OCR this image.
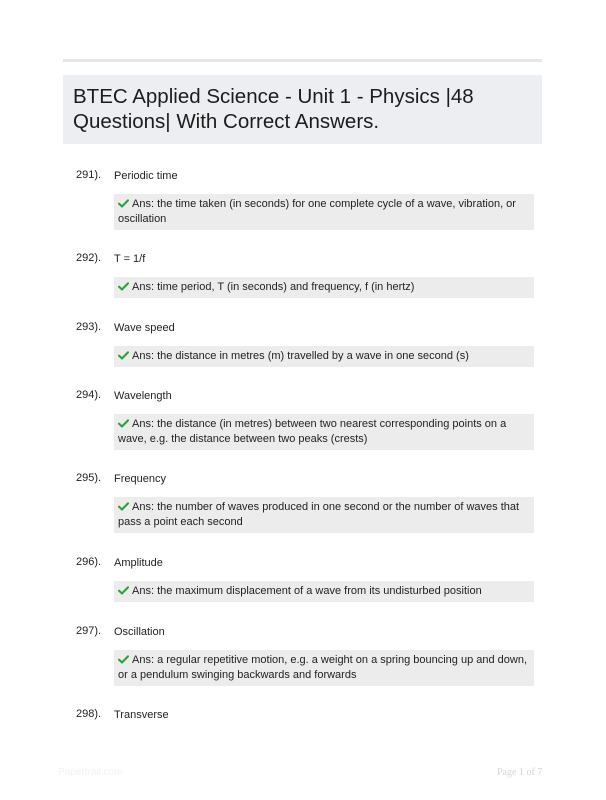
BTEC Applied Science - Unit 1 - Physics |48 Questions| With Correct Answers.
291). Periodic time
Ans: the time taken (in seconds) for one complete cycle of a wave, vibration, or oscillation
292). T = 1/f
Ans: time period, T (in seconds) and frequency, f (in hertz)
293). Wave speed
Ans: the distance in metres (m) travelled by a wave in one second (s)
294). Wavelength
Ans: the distance (in metres) between two nearest corresponding points on a wave, e.g. the distance between two peaks (crests)
295). Frequency
Ans: the number of waves produced in one second or the number of waves that pass a point each second
296). Amplitude
Ans: the maximum displacement of a wave from its undisturbed position
297). Oscillation
Ans: a regular repetitive motion, e.g. a weight on a spring bouncing up and down, or a pendulum swinging backwards and forwards
298). Transverse
Papertrail.com	Page 1 of 7
